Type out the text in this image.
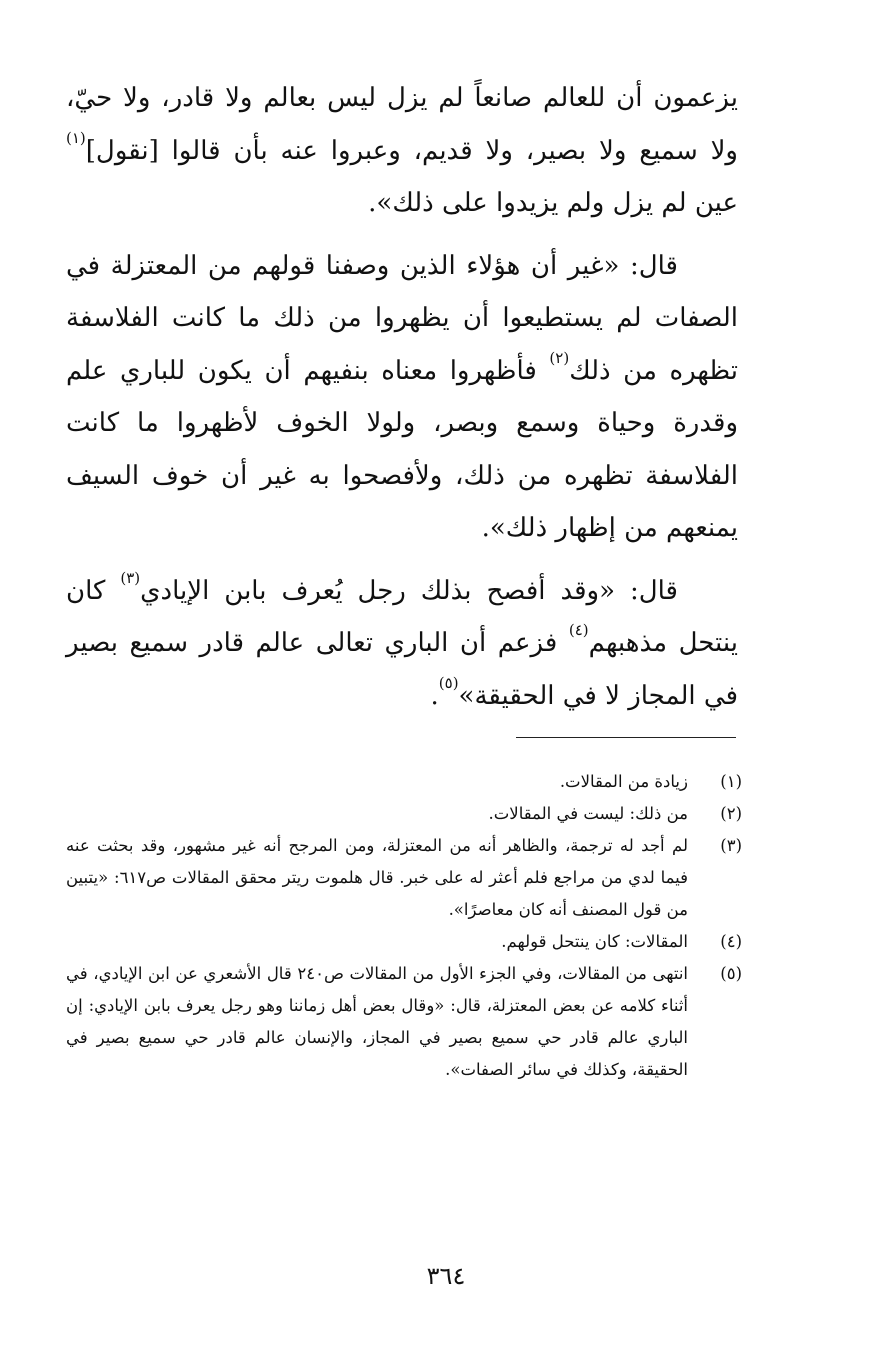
يزعمون أن للعالم صانعاً لم يزل ليس بعالم ولا قادر، ولا حيّ، ولا سميع ولا بصير، ولا قديم، وعبروا عنه بأن قالوا [نقول]$^{(١)}$ عين لم يزل ولم يزيدوا على ذلك».

قال: «غير أن هؤلاء الذين وصفنا قولهم من المعتزلة في الصفات لم يستطيعوا أن يظهروا من ذلك ما كانت الفلاسفة تظهره من ذلك$^{(٢)}$ فأظهروا معناه بنفيهم أن يكون للباري علم وقدرة وحياة وسمع وبصر، ولولا الخوف لأظهروا ما كانت الفلاسفة تظهره من ذلك، ولأفصحوا به غير أن خوف السيف يمنعهم من إظهار ذلك».

قال: «وقد أفصح بذلك رجل يُعرف بابن الإيادي$^{(٣)}$ كان ينتحل مذهبهم$^{(٤)}$ فزعم أن الباري تعالى عالم قادر سميع بصير في المجاز لا في الحقيقة»$^{(٥)}$.

(١)
زيادة من المقالات.

(٢)
من ذلك: ليست في المقالات.

(٣)
لم أجد له ترجمة، والظاهر أنه من المعتزلة، ومن المرجح أنه غير مشهور، وقد بحثت عنه فيما لدي من مراجع فلم أعثر له على خبر. قال هلموت ريتر محقق المقالات ص٦١٧: «يتبين من قول المصنف أنه كان معاصرًا».

(٤)
المقالات: كان ينتحل قولهم.

(٥)
انتهى من المقالات، وفي الجزء الأول من المقالات ص٢٤٠ قال الأشعري عن ابن الإيادي، في أثناء كلامه عن بعض المعتزلة، قال: «وقال بعض أهل زماننا وهو رجل يعرف بابن الإيادي: إن الباري عالم قادر حي سميع بصير في المجاز، والإنسان عالم قادر حي سميع بصير في الحقيقة، وكذلك في سائر الصفات».

٣٦٤
